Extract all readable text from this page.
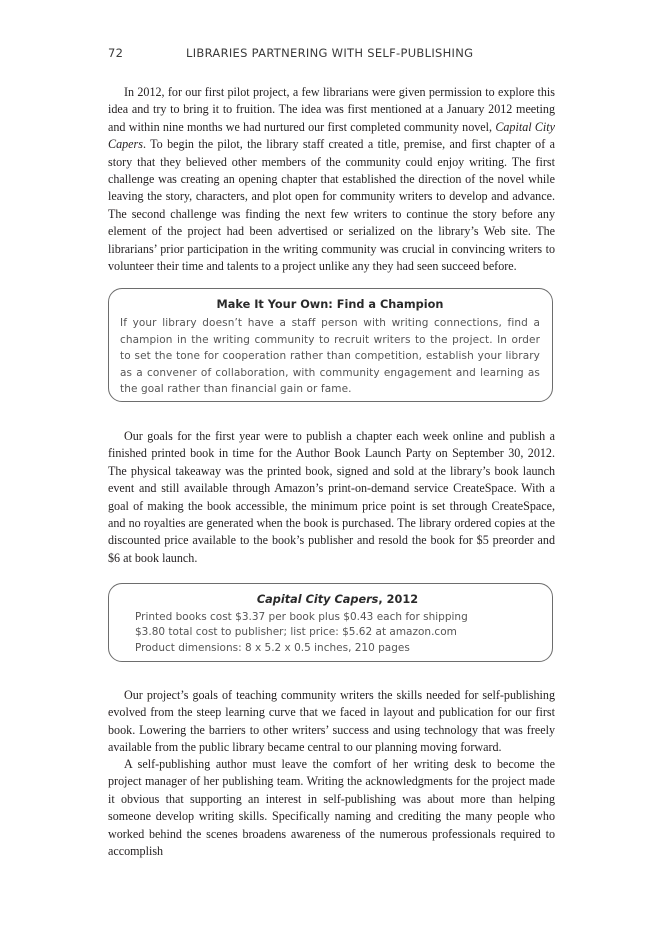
72	LIBRARIES PARTNERING WITH SELF-PUBLISHING

In 2012, for our first pilot project, a few librarians were given permission to explore this idea and try to bring it to fruition. The idea was first mentioned at a January 2012 meeting and within nine months we had nurtured our first completed community novel, Capital City Capers. To begin the pilot, the library staff created a title, premise, and first chapter of a story that they believed other members of the community could enjoy writing. The first challenge was creating an opening chapter that established the direction of the novel while leaving the story, characters, and plot open for community writers to develop and advance. The second challenge was finding the next few writers to continue the story before any element of the project had been advertised or serialized on the library’s Web site. The librarians’ prior participation in the writing community was crucial in convincing writers to volunteer their time and talents to a project unlike any they had seen succeed before.

Make It Your Own: Find a Champion

If your library doesn’t have a staff person with writing connections, find a champion in the writing community to recruit writers to the project. In order to set the tone for cooperation rather than competition, establish your library as a convener of collaboration, with community engagement and learning as the goal rather than financial gain or fame.

Our goals for the first year were to publish a chapter each week online and publish a finished printed book in time for the Author Book Launch Party on September 30, 2012. The physical takeaway was the printed book, signed and sold at the library’s book launch event and still available through Amazon’s print-on-demand service CreateSpace. With a goal of making the book accessible, the minimum price point is set through CreateSpace, and no royalties are generated when the book is purchased. The library ordered copies at the discounted price available to the book’s publisher and resold the book for $5 preorder and $6 at book launch.

Capital City Capers, 2012

Printed books cost $3.37 per book plus $0.43 each for shipping

$3.80 total cost to publisher; list price: $5.62 at amazon.com

Product dimensions: 8 x 5.2 x 0.5 inches, 210 pages

Our project’s goals of teaching community writers the skills needed for self-publishing evolved from the steep learning curve that we faced in layout and publication for our first book. Lowering the barriers to other writers’ success and using technology that was freely available from the public library became central to our planning moving forward.

A self-publishing author must leave the comfort of her writing desk to become the project manager of her publishing team. Writing the acknowledgments for the project made it obvious that supporting an interest in self-publishing was about more than helping someone develop writing skills. Specifically naming and crediting the many people who worked behind the scenes broadens awareness of the numerous professionals required to accomplish
